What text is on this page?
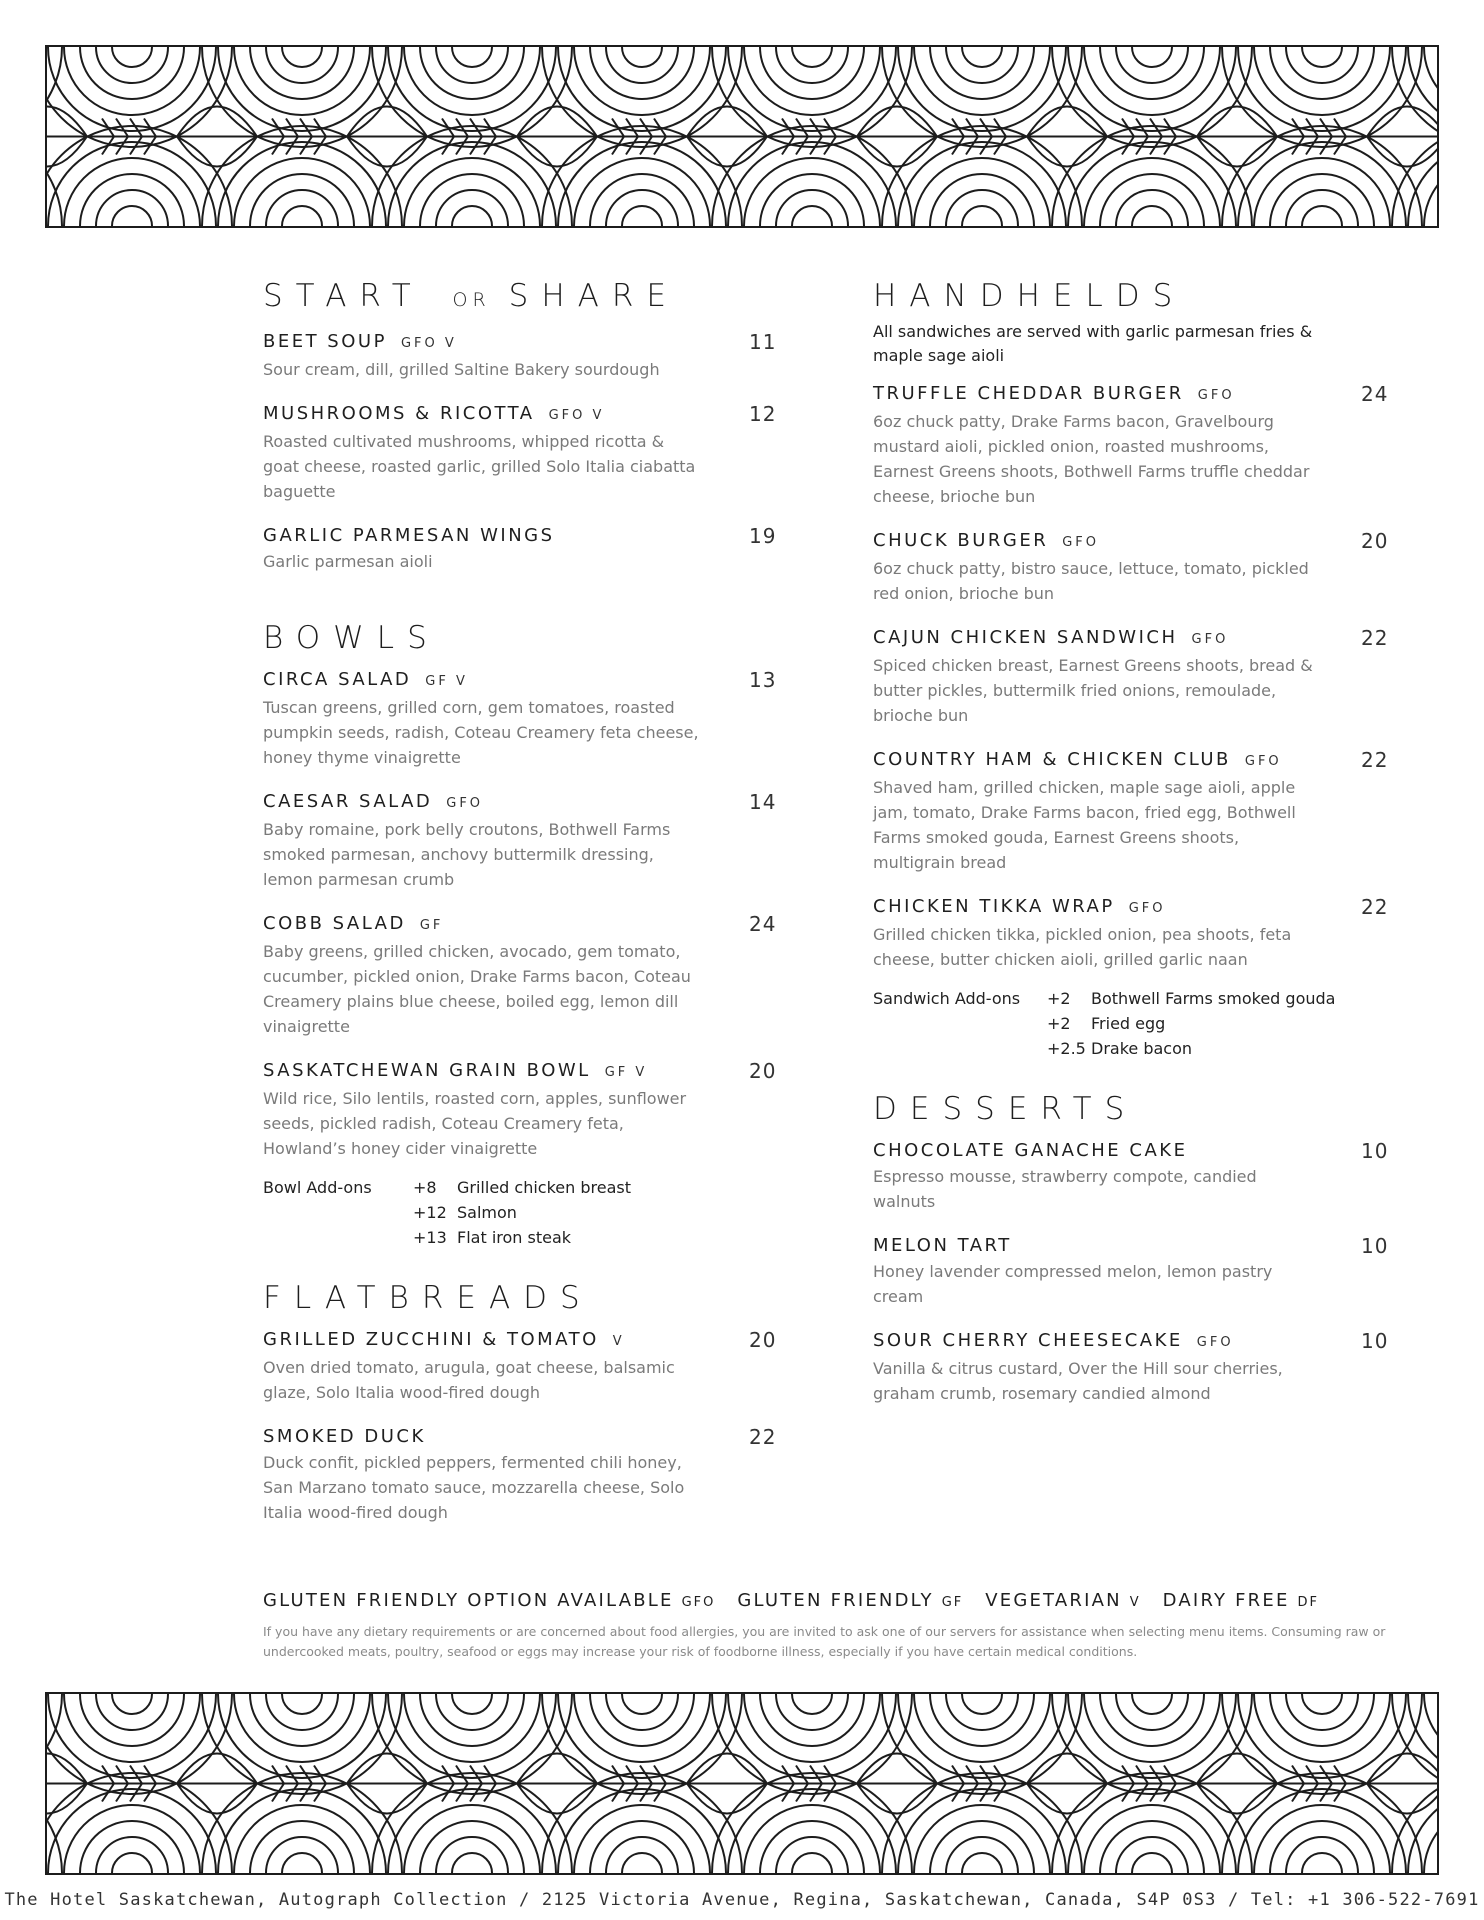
START OR SHARE
BEET SOUP GFO V	11
Sour cream, dill, grilled Saltine Bakery sourdough
MUSHROOMS & RICOTTA GFO V	12
Roasted cultivated mushrooms, whipped ricotta & goat cheese, roasted garlic, grilled Solo Italia ciabatta baguette
GARLIC PARMESAN WINGS	19
Garlic parmesan aioli
BOWLS
CIRCA SALAD GF V	13
Tuscan greens, grilled corn, gem tomatoes, roasted pumpkin seeds, radish, Coteau Creamery feta cheese, honey thyme vinaigrette
CAESAR SALAD GFO	14
Baby romaine, pork belly croutons, Bothwell Farms smoked parmesan, anchovy buttermilk dressing, lemon parmesan crumb
COBB SALAD GF	24
Baby greens, grilled chicken, avocado, gem tomato, cucumber, pickled onion, Drake Farms bacon, Coteau Creamery plains blue cheese, boiled egg, lemon dill vinaigrette
SASKATCHEWAN GRAIN BOWL GF V	20
Wild rice, Silo lentils, roasted corn, apples, sunflower seeds, pickled radish, Coteau Creamery feta, Howland’s honey cider vinaigrette
Bowl Add-ons	+8	Grilled chicken breast
+12 Salmon
+13 Flat iron steak
FLATBREADS
GRILLED ZUCCHINI & TOMATO V	20
Oven dried tomato, arugula, goat cheese, balsamic glaze, Solo Italia wood-fired dough
SMOKED DUCK	22
Duck confit, pickled peppers, fermented chili honey, San Marzano tomato sauce, mozzarella cheese, Solo Italia wood-fired dough
HANDHELDS
All sandwiches are served with garlic parmesan fries & maple sage aioli
TRUFFLE CHEDDAR BURGER GFO	24
6oz chuck patty, Drake Farms bacon, Gravelbourg mustard aioli, pickled onion, roasted mushrooms, Earnest Greens shoots, Bothwell Farms truffle cheddar cheese, brioche bun
CHUCK BURGER GFO	20
6oz chuck patty, bistro sauce, lettuce, tomato, pickled red onion, brioche bun
CAJUN CHICKEN SANDWICH GFO	22
Spiced chicken breast, Earnest Greens shoots, bread & butter pickles, buttermilk fried onions, remoulade, brioche bun
COUNTRY HAM & CHICKEN CLUB GFO	22
Shaved ham, grilled chicken, maple sage aioli, apple jam, tomato, Drake Farms bacon, fried egg, Bothwell Farms smoked gouda, Earnest Greens shoots, multigrain bread
CHICKEN TIKKA WRAP GFO	22
Grilled chicken tikka, pickled onion, pea shoots, feta cheese, butter chicken aioli, grilled garlic naan
Sandwich Add-ons	+2	Bothwell Farms smoked gouda
+2	Fried egg
+2.5 Drake bacon
DESSERTS
CHOCOLATE GANACHE CAKE	10
Espresso mousse, strawberry compote, candied walnuts
MELON TART	10
Honey lavender compressed melon, lemon pastry cream
SOUR CHERRY CHEESECAKE GFO	10
Vanilla & citrus custard, Over the Hill sour cherries, graham crumb, rosemary candied almond
GLUTEN FRIENDLY OPTION AVAILABLE GFO GLUTEN FRIENDLY GF VEGETARIAN V DAIRY FREE DF
If you have any dietary requirements or are concerned about food allergies, you are invited to ask one of our servers for assistance when selecting menu items. Consuming raw or undercooked meats, poultry, seafood or eggs may increase your risk of foodborne illness, especially if you have certain medical conditions.
The Hotel Saskatchewan, Autograph Collection / 2125 Victoria Avenue, Regina, Saskatchewan, Canada, S4P 0S3 / Tel: +1 306-522-7691
